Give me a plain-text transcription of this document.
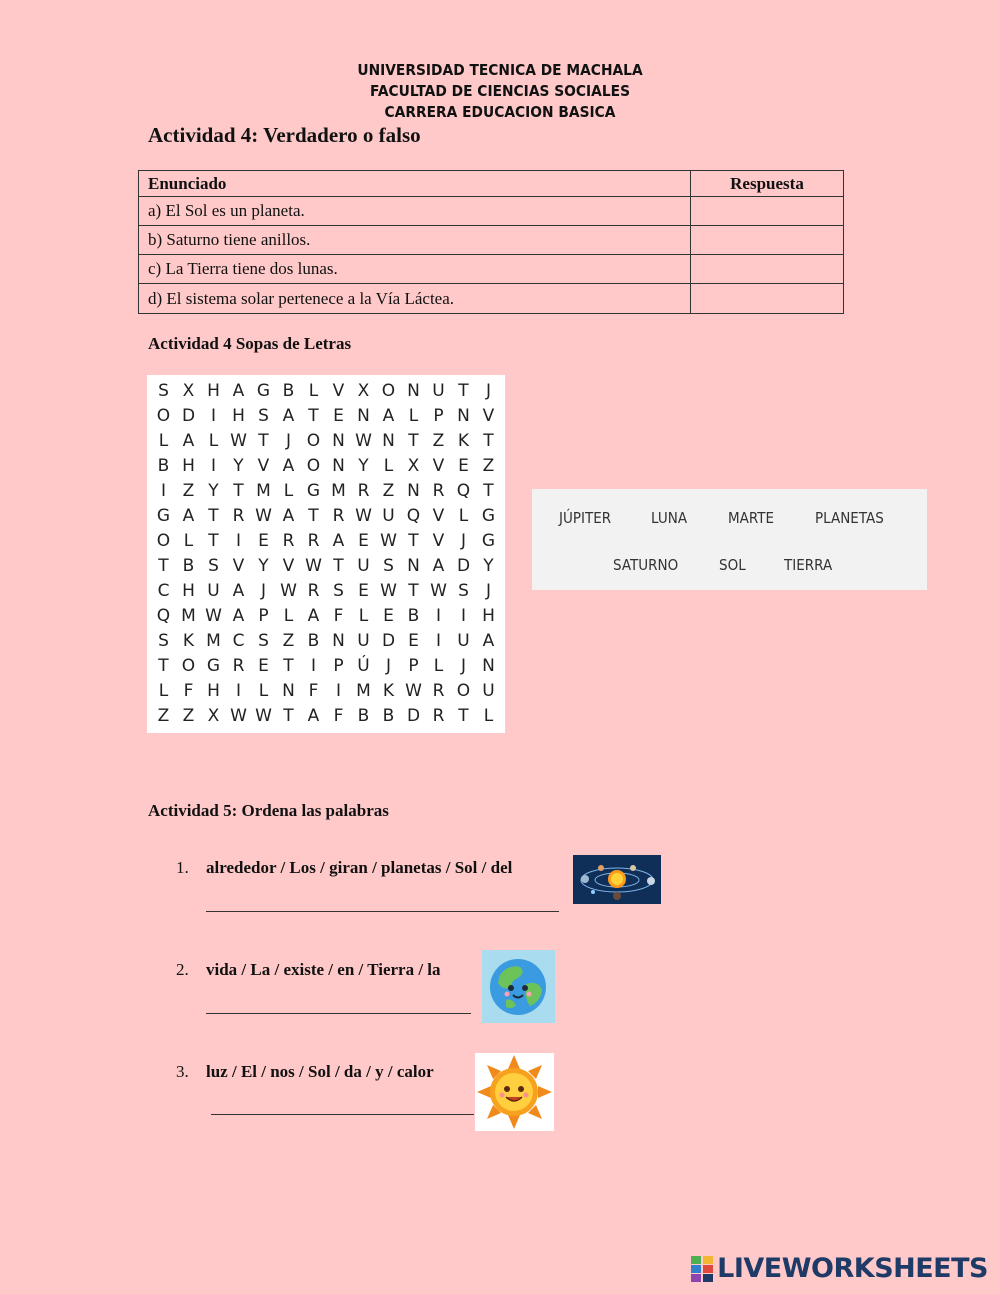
UNIVERSIDAD TECNICA DE MACHALA
FACULTAD DE CIENCIAS SOCIALES
CARRERA EDUCACION BASICA
Actividad 4: Verdadero o falso
Enunciado	Respuesta
a) El Sol es un planeta.	
b) Saturno tiene anillos.	
c) La Tierra tiene dos lunas.	
d) El sistema solar pertenece a la Vía Láctea.	
Actividad 4 Sopas de Letras
S X H A G B L V X O N U T	J
O D I H S A T E N A L P N V
L A L W T	J O N W N T Z K T
B H I	Y V A O N Y L X V E Z
I Z Y T M L G M R Z N R Q T
G A T R W A T R W U Q V L G
O L T	I	E R R A E W T V J G
T B S V Y V W T U S N A D Y
C H U A J W R S E W T W S	J
Q M W A P L A F L E B I	I H
S K M C S Z B N U D E	I U A
T O G R E T	I	P Ú J	P L	J N
L F H I	L N F	I M K W R O U
Z Z X W W T A F B B D R T L
JÚPITER	LUNA	MARTE	PLANETAS
SATURNO	SOL	TIERRA
Actividad 5: Ordena las palabras
1. alrededor / Los / giran / planetas / Sol / del
2. vida / La / existe / en / Tierra / la
3. luz / El / nos / Sol / da / y / calor
LIVEWORKSHEETS
